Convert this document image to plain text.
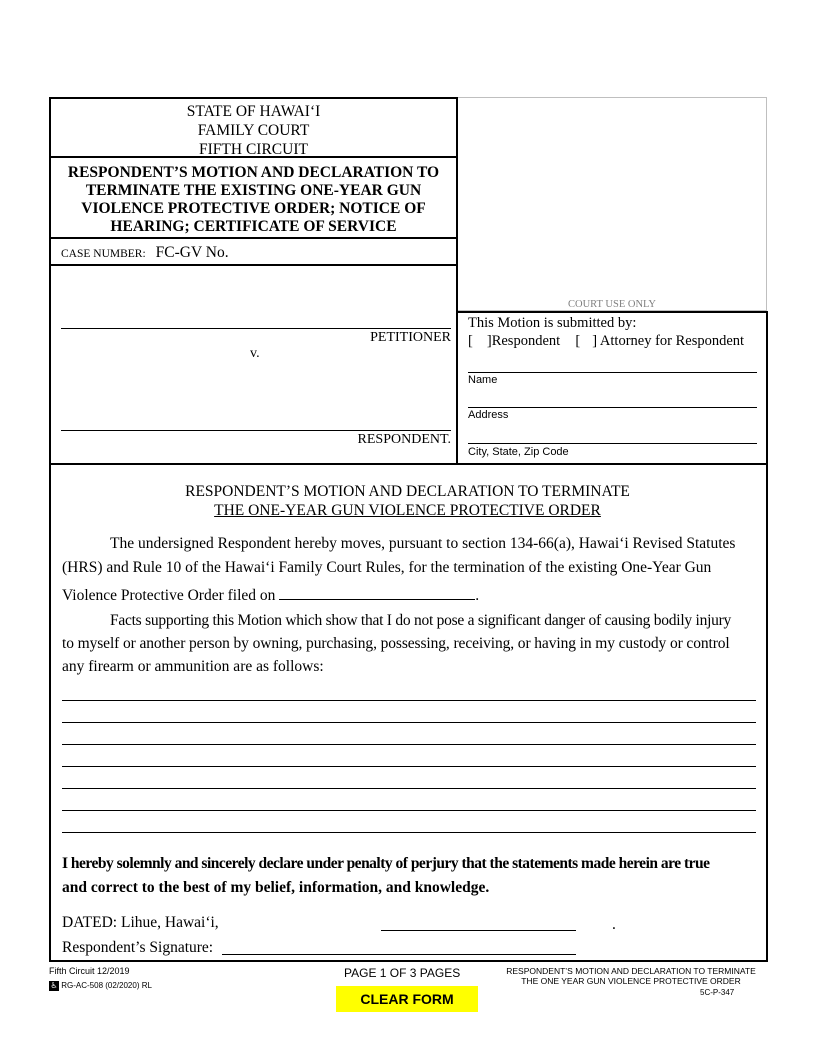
COURT USE ONLY
STATE OF HAWAI‘I
FAMILY COURT
FIFTH CIRCUIT
RESPONDENT’S MOTION AND DECLARATION TO
TERMINATE THE EXISTING ONE-YEAR GUN
VIOLENCE PROTECTIVE ORDER; NOTICE OF
HEARING; CERTIFICATE OF SERVICE
CASE NUMBER: FC-GV No.
PETITIONER
v.
RESPONDENT.
This Motion is submitted by:
[ ]Respondent [ ] Attorney for Respondent
Name
Address
City, State, Zip Code
RESPONDENT’S MOTION AND DECLARATION TO TERMINATE
THE ONE-YEAR GUN VIOLENCE PROTECTIVE ORDER
The undersigned Respondent hereby moves, pursuant to section 134-66(a), Hawai‘i Revised Statutes
(HRS) and Rule 10 of the Hawai‘i Family Court Rules, for the termination of the existing One-Year Gun
Violence Protective Order filed on	.
Facts supporting this Motion which show that I do not pose a significant danger of causing bodily injury
to myself or another person by owning, purchasing, possessing, receiving, or having in my custody or control
any firearm or ammunition are as follows:
I hereby solemnly and sincerely declare under penalty of perjury that the statements made herein are true
and correct to the best of my belief, information, and knowledge.
DATED: Lihue, Hawai‘i,	.
Respondent’s Signature:
Fifth Circuit 12/2019
♿ RG-AC-508 (02/2020) RL
PAGE 1 OF 3 PAGES	RESPONDENT’S MOTION AND DECLARATION TO TERMINATE
THE ONE YEAR GUN VIOLENCE PROTECTIVE ORDER
5C-P-347
CLEAR FORM
